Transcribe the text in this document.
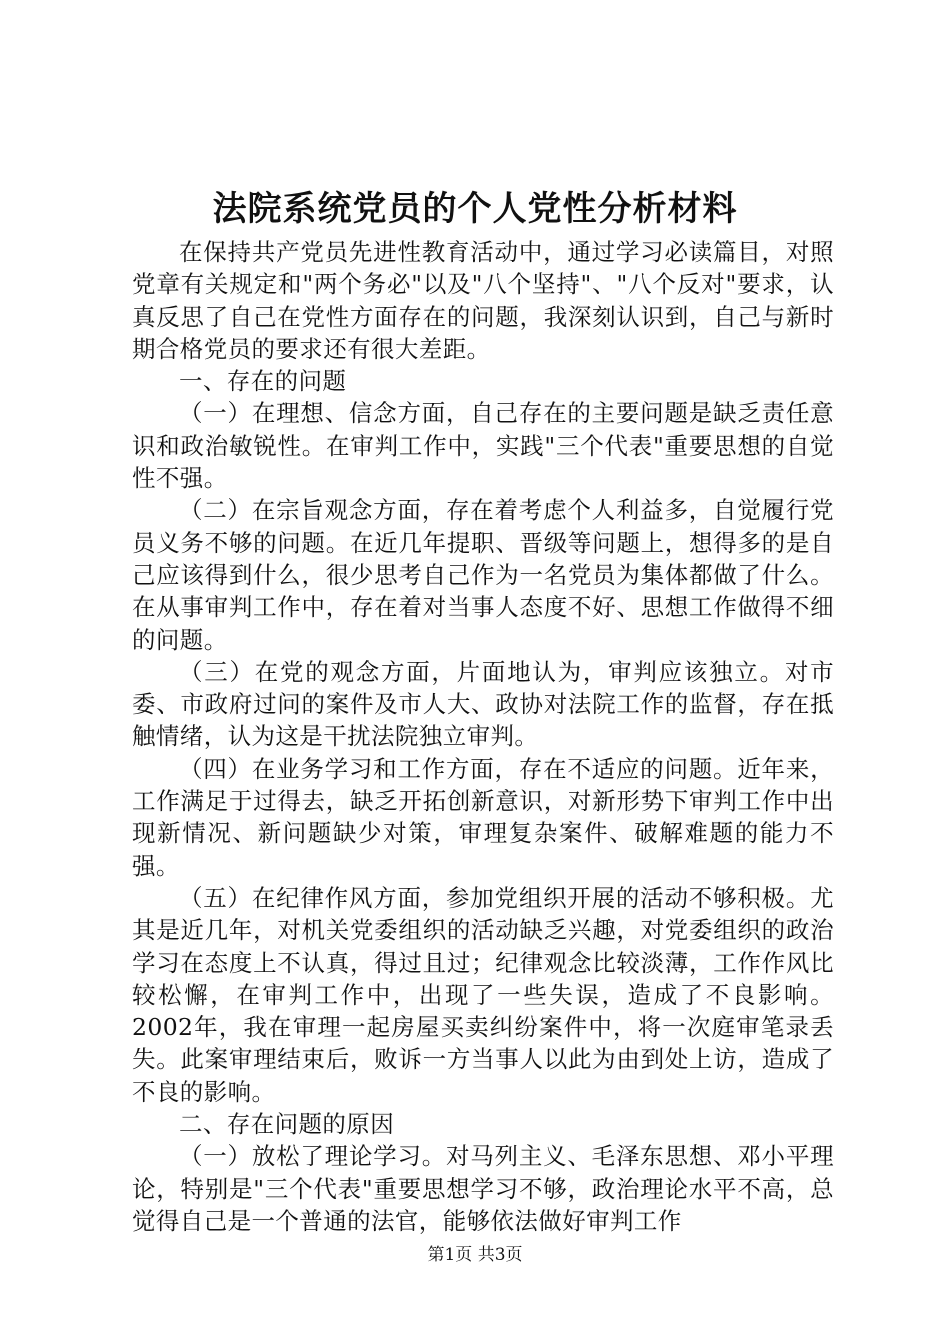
法院系统党员的个人党性分析材料

在保持共产党员先进性教育活动中，通过学习必读篇目，对照党章有关规定和"两个务必"以及"八个坚持"、"八个反对"要求，认真反思了自己在党性方面存在的问题，我深刻认识到，自己与新时期合格党员的要求还有很大差距。

一、存在的问题

（一）在理想、信念方面，自己存在的主要问题是缺乏责任意识和政治敏锐性。在审判工作中，实践"三个代表"重要思想的自觉性不强。

（二）在宗旨观念方面，存在着考虑个人利益多，自觉履行党员义务不够的问题。在近几年提职、晋级等问题上，想得多的是自己应该得到什么，很少思考自己作为一名党员为集体都做了什么。在从事审判工作中，存在着对当事人态度不好、思想工作做得不细的问题。

（三）在党的观念方面，片面地认为，审判应该独立。对市委、市政府过问的案件及市人大、政协对法院工作的监督，存在抵触情绪，认为这是干扰法院独立审判。

（四）在业务学习和工作方面，存在不适应的问题。近年来，工作满足于过得去，缺乏开拓创新意识，对新形势下审判工作中出现新情况、新问题缺少对策，审理复杂案件、破解难题的能力不强。

（五）在纪律作风方面，参加党组织开展的活动不够积极。尤其是近几年，对机关党委组织的活动缺乏兴趣，对党委组织的政治学习在态度上不认真，得过且过；纪律观念比较淡薄，工作作风比较松懈，在审判工作中，出现了一些失误，造成了不良影响。2002年，我在审理一起房屋买卖纠纷案件中，将一次庭审笔录丢失。此案审理结束后，败诉一方当事人以此为由到处上访，造成了不良的影响。

二、存在问题的原因

（一）放松了理论学习。对马列主义、毛泽东思想、邓小平理论，特别是"三个代表"重要思想学习不够，政治理论水平不高，总觉得自己是一个普通的法官，能够依法做好审判工作

第1页 共3页
